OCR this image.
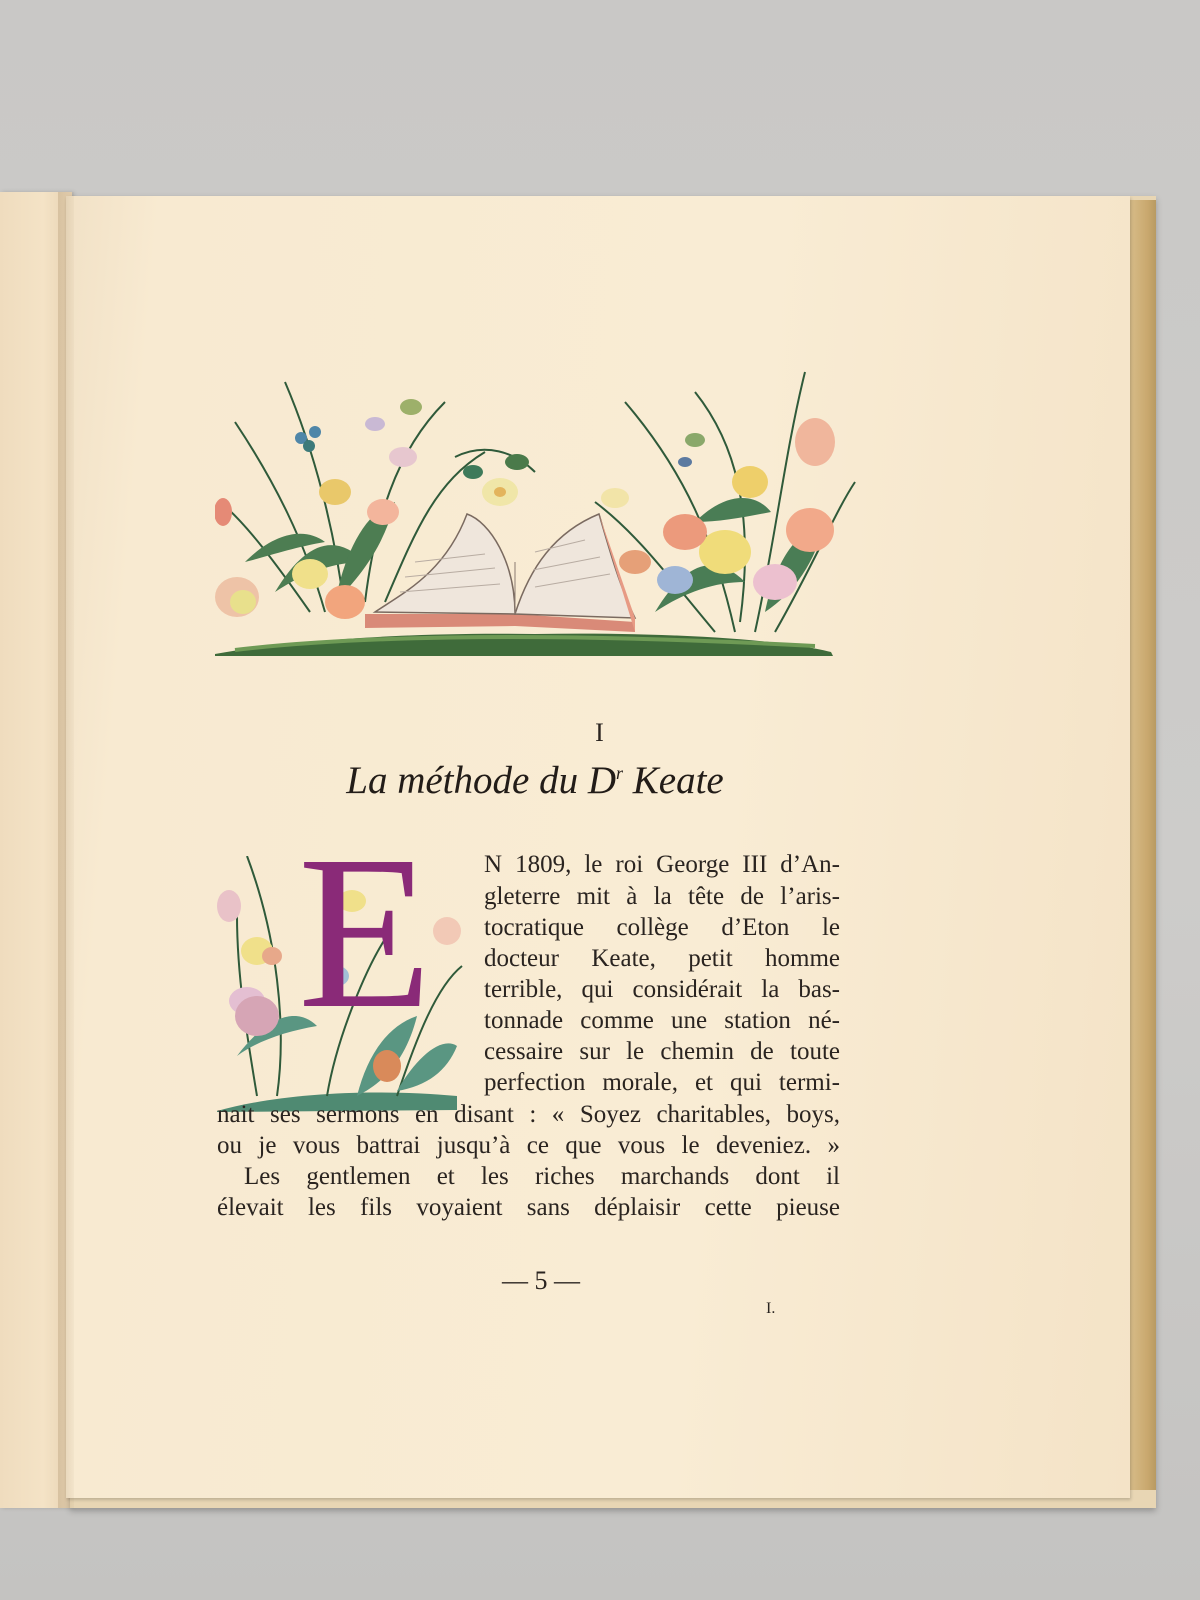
I
La méthode du $D^r$ Keate
E N 1809, le roi George III d’An-
gleterre mit à la tête de l’aris-
tocratique collège d’Eton le
docteur Keate, petit homme
terrible, qui considérait la bas-
tonnade comme une station né-
cessaire sur le chemin de toute
perfection morale, et qui termi-
nait ses sermons en disant : « Soyez charitables, boys,
ou je vous battrai jusqu’à ce que vous le deveniez. »
Les gentlemen et les riches marchands dont il
élevait les fils voyaient sans déplaisir cette pieuse
— 5 —
I.
